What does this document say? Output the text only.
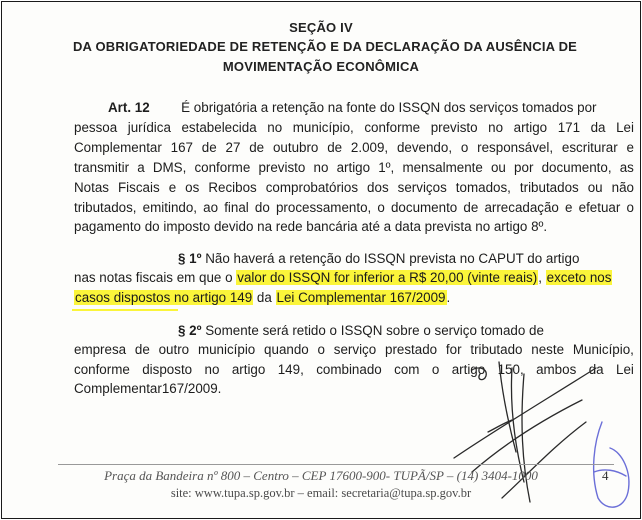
SEÇÃO IV
DA OBRIGATORIEDADE DE RETENÇÃO E DA DECLARAÇÃO DA AUSÊNCIA DE
MOVIMENTAÇÃO ECONÔMICA
Art. 12 É obrigatória a retenção na fonte do ISSQN dos serviços tomados por
pessoa jurídica estabelecida no município, conforme previsto no artigo 171 da Lei
Complementar 167 de 27 de outubro de 2.009, devendo, o responsável, escriturar e
transmitir a DMS, conforme previsto no artigo 1º, mensalmente ou por documento, as
Notas Fiscais e os Recibos comprobatórios dos serviços tomados, tributados ou não
tributados, emitindo, ao final do processamento, o documento de arrecadação e efetuar o
pagamento do imposto devido na rede bancária até a data prevista no artigo 8º.
§ 1º Não haverá a retenção do ISSQN prevista no CAPUT do artigo
nas notas fiscais em que o valor do ISSQN for inferior a R$ 20,00 (vinte reais), exceto nos
casos dispostos no artigo 149 da Lei Complementar 167/2009.
§ 2º Somente será retido o ISSQN sobre o serviço tomado de
empresa de outro município quando o serviço prestado for tributado neste Município,
conforme disposto no artigo 149, combinado com o artigo 150, ambos da Lei
Complementar167/2009.
Praça da Bandeira nº 800 – Centro – CEP 17600-900- TUPÃ/SP – (14) 3404-1000
site: www.tupa.sp.gov.br – email: secretaria@tupa.sp.gov.br
4
